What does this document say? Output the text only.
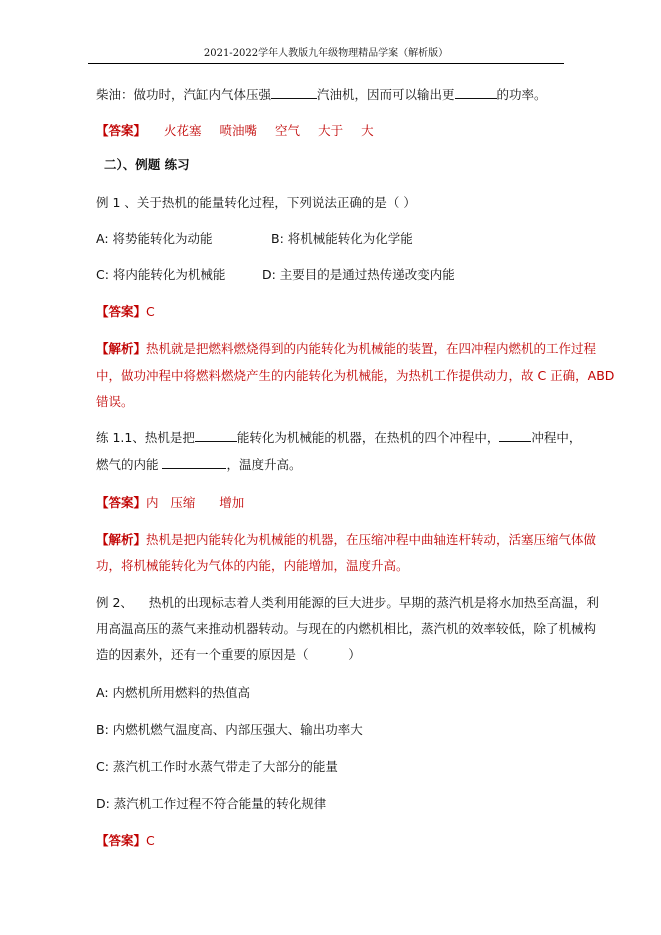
2021-2022学年人教版九年级物理精品学案（解析版）
柴油：做功时，汽缸内气体压强	汽油机，因而可以输出更	的功率。
【答案】 火花塞 喷油嘴 空气 大于 大
二）、例题 练习
例 1 、关于热机的能量转化过程，下列说法正确的是（ ）
A: 将势能转化为动能	B: 将机械能转化为化学能
C: 将内能转化为机械能	D: 主要目的是通过热传递改变内能
【答案】C
【解析】热机就是把燃料燃烧得到的内能转化为机械能的装置，在四冲程内燃机的工作过程
中，做功冲程中将燃料燃烧产生的内能转化为机械能，为热机工作提供动力，故 C 正确，ABD
错误。
练 1.1、热机是把	能转化为机械能的机器，在热机的四个冲程中，	冲程中，
燃气的内能	，温度升高。
【答案】内   压缩      增加
【解析】热机是把内能转化为机械能的机器，在压缩冲程中曲轴连杆转动，活塞压缩气体做
功，将机械能转化为气体的内能，内能增加，温度升高。
例 2、    热机的出现标志着人类利用能源的巨大进步。早期的蒸汽机是将水加热至高温，利
用高温高压的蒸气来推动机器转动。与现在的内燃机相比，蒸汽机的效率较低，除了机械构
造的因素外，还有一个重要的原因是（          ）
A: 内燃机所用燃料的热值高
B: 内燃机燃气温度高、内部压强大、输出功率大
C: 蒸汽机工作时水蒸气带走了大部分的能量
D: 蒸汽机工作过程不符合能量的转化规律
【答案】C
